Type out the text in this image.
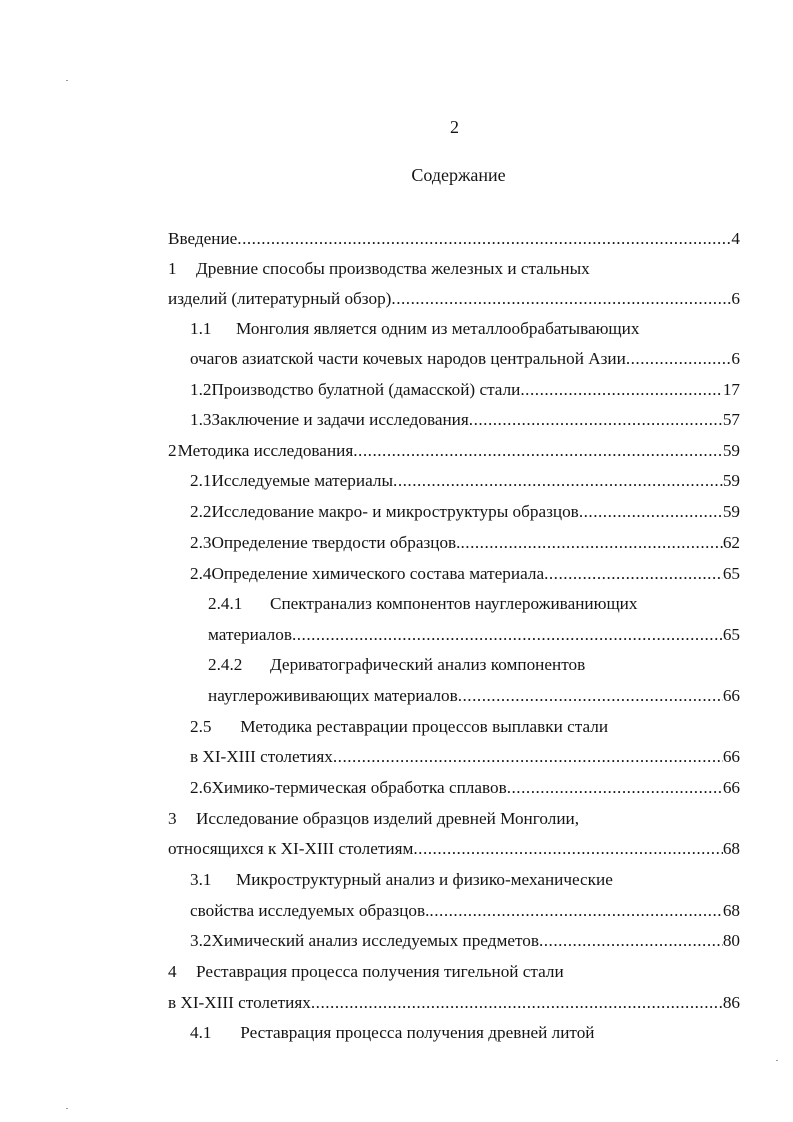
2
Содержание
Введение .....	4
1 Древние способы производства железных и стальных
изделий (литературный обзор) .....	6
1.1 Монголия является одним из металлообрабатывающих
очагов азиатской части кочевых народов центральной Азии .....	6
1.2 Производство булатной (дамасской) стали .....	17
1.3 Заключение и задачи исследования .....	57
2 Методика исследования .....	59
2.1 Исследуемые материалы .....	59
2.2 Исследование макро- и микроструктуры образцов .....	59
2.3 Определение твердости образцов. .....	62
2.4 Определение химического состава материала .....	65
2.4.1 Спектранализ компонентов науглероживаниющих
материалов .....	65
2.4.2 Дериватографический анализ компонентов
науглерожививающих материалов .....	66
2.5 Методика реставрации процессов выплавки стали
в XI-XIII столетиях .....	66
2.6 Химико-термическая обработка сплавов .....	66
3 Исследование образцов изделий древней Монголии,
относящихся к XI-XIII столетиям .....	68
3.1 Микроструктурный анализ и физико-механические
свойства исследуемых образцов. .....	68
3.2 Химический анализ исследуемых предметов .....	80
4 Реставрация процесса получения тигельной стали
в XI-XIII столетиях .....	86
4.1 Реставрация процесса получения древней литой
